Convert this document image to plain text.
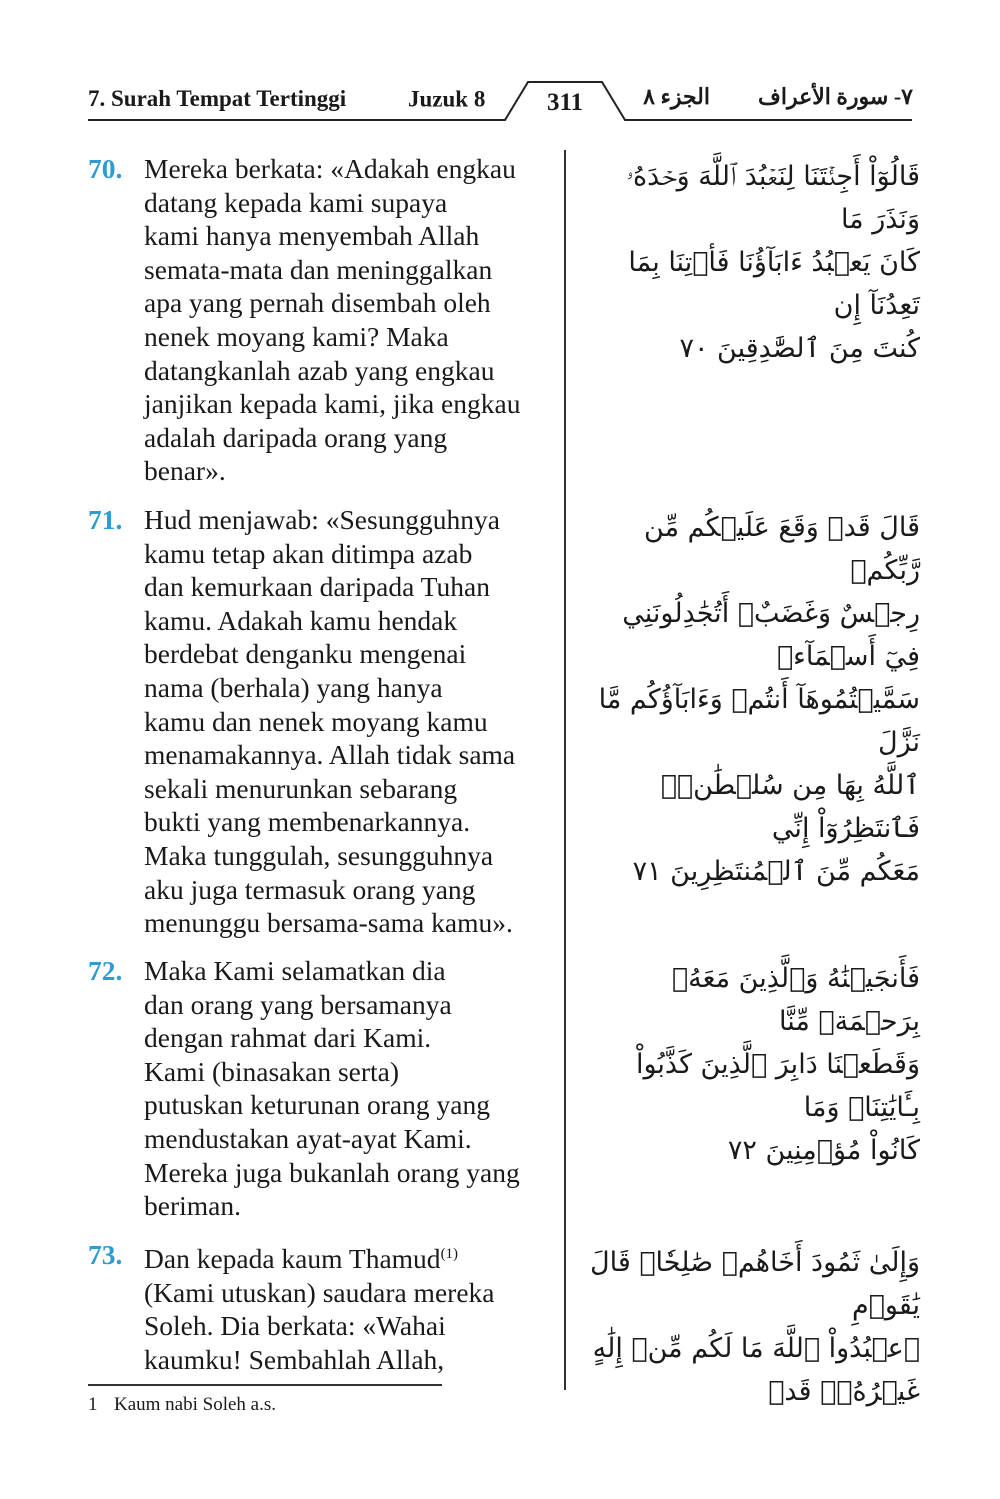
7. Surah Tempat Tertinggi	Juzuk 8	311	الجزء ٨	٧- سورة الأعراف
70. Mereka berkata: «Adakah engkau
datang kepada kami supaya
kami hanya menyembah Allah
semata-mata dan meninggalkan
apa yang pernah disembah oleh
nenek moyang kami? Maka
datangkanlah azab yang engkau
janjikan kepada kami, jika engkau
adalah daripada orang yang
benar».
قَالُوٓاْ أَجِئۡتَنَا لِنَعۡبُدَ ٱللَّهَ وَحۡدَهُۥ وَنَذَرَ مَا
كَانَ يَعۡبُدُ ءَابَآؤُنَا فَأۡتِنَا بِمَا تَعِدُنَآ إِن
كُنتَ مِنَ ٱلصَّٰدِقِينَ ٧٠
71. Hud menjawab: «Sesungguhnya
kamu tetap akan ditimpa azab
dan kemurkaan daripada Tuhan
kamu. Adakah kamu hendak
berdebat denganku mengenai
nama (berhala) yang hanya
kamu dan nenek moyang kamu
menamakannya. Allah tidak sama
sekali menurunkan sebarang
bukti yang membenarkannya.
Maka tunggulah, sesungguhnya
aku juga termasuk orang yang
menunggu bersama-sama kamu».
قَالَ قَدۡ وَقَعَ عَلَيۡكُم مِّن رَّبِّكُمۡ
رِجۡسٌ وَغَضَبٌۖ أَتُجَٰدِلُونَنِي فِيٓ أَسۡمَآءٖ
سَمَّيۡتُمُوهَآ أَنتُمۡ وَءَابَآؤُكُم مَّا نَزَّلَ
ٱللَّهُ بِهَا مِن سُلۡطَٰنٖۚ فَٱنتَظِرُوٓاْ إِنِّي
مَعَكُم مِّنَ ٱلۡمُنتَظِرِينَ ٧١
72. Maka Kami selamatkan dia
dan orang yang bersamanya
dengan rahmat dari Kami.
Kami (binasakan serta)
putuskan keturunan orang yang
mendustakan ayat-ayat Kami.
Mereka juga bukanlah orang yang
beriman.
فَأَنجَيۡنَٰهُ وَٱلَّذِينَ مَعَهُۥ بِرَحۡمَةٖ مِّنَّا
وَقَطَعۡنَا دَابِرَ ٱلَّذِينَ كَذَّبُواْ بِـَٔايَٰتِنَاۖ وَمَا
كَانُواْ مُؤۡمِنِينَ ٧٢
73. Dan kepada kaum Thamud$^{(1)}$
(Kami utuskan) saudara mereka
Soleh. Dia berkata: «Wahai
kaumku! Sembahlah Allah,
وَإِلَىٰ ثَمُودَ أَخَاهُمۡ صَٰلِحٗاۚ قَالَ يَٰقَوۡمِ
ٱعۡبُدُواْ ٱللَّهَ مَا لَكُم مِّنۡ إِلَٰهٍ غَيۡرُهُۥۖ قَدۡ
1 Kaum nabi Soleh a.s.
